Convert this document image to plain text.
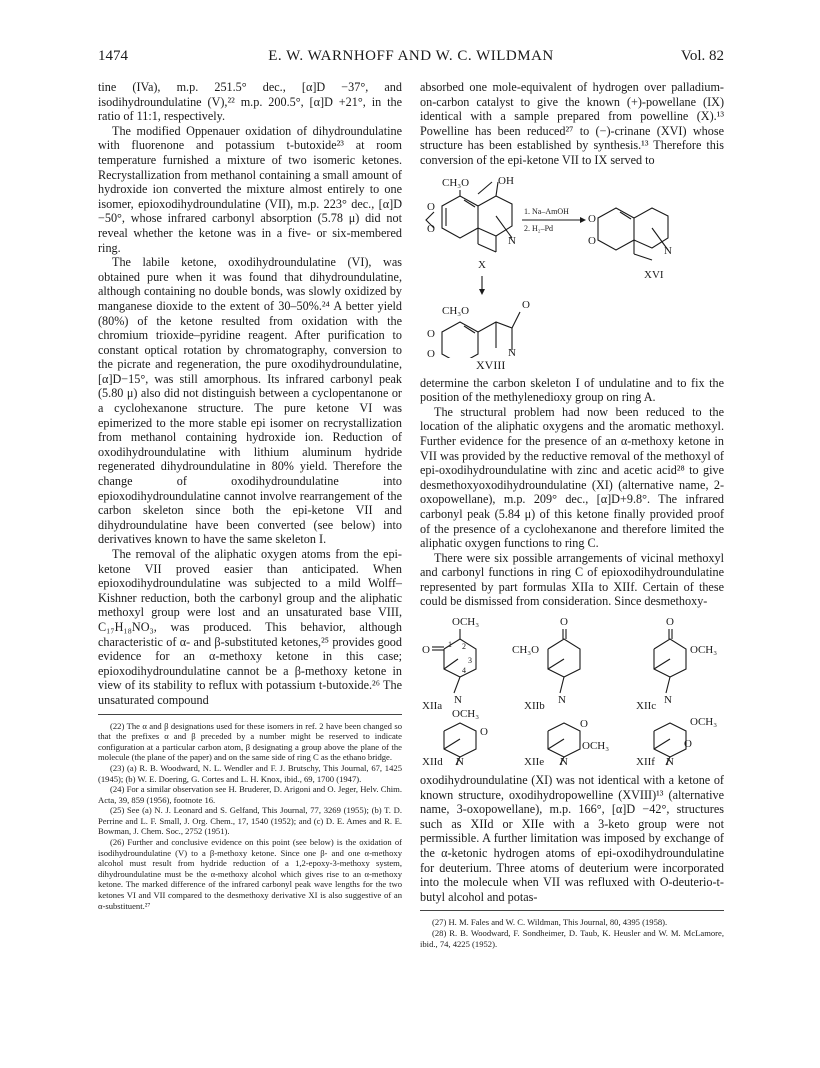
1474	E. W. WARNHOFF AND W. C. WILDMAN	Vol. 82

tine (IVa), m.p. 251.5° dec., [α]D −37°, and isodihydroundulatine (V),²² m.p. 200.5°, [α]D +21°, in the ratio of 11:1, respectively.

The modified Oppenauer oxidation of dihydroundulatine with fluorenone and potassium t-butoxide²³ at room temperature furnished a mixture of two isomeric ketones. Recrystallization from methanol containing a small amount of hydroxide ion converted the mixture almost entirely to one isomer, epioxodihydroundulatine (VII), m.p. 223° dec., [α]D −50°, whose infrared carbonyl absorption (5.78 μ) did not reveal whether the ketone was in a five- or six-membered ring.

The labile ketone, oxodihydroundulatine (VI), was obtained pure when it was found that dihydroundulatine, although containing no double bonds, was slowly oxidized by manganese dioxide to the extent of 30–50%.²⁴ A better yield (80%) of the ketone resulted from oxidation with the chromium trioxide–pyridine reagent. After purification to constant optical rotation by chromatography, conversion to the picrate and regeneration, the pure oxodihydroundulatine, [α]D−15°, was still amorphous. Its infrared carbonyl peak (5.80 μ) also did not distinguish between a cyclopentanone or a cyclohexanone structure. The pure ketone VI was epimerized to the more stable epi isomer on recrystallization from methanol containing hydroxide ion. Reduction of oxodihydroundulatine with lithium aluminum hydride regenerated dihydroundulatine in 80% yield. Therefore the change of oxodihydroundulatine into epioxodihydroundulatine cannot involve rearrangement of the carbon skeleton since both the epi-ketone VII and dihydroundulatine have been converted (see below) into derivatives known to have the same skeleton I.

The removal of the aliphatic oxygen atoms from the epi-ketone VII proved easier than anticipated. When epioxodihydroundulatine was subjected to a mild Wolff–Kishner reduction, both the carbonyl group and the aliphatic methoxyl group were lost and an unsaturated base VIII, C₁₇H₁₈NO₃, was produced. This behavior, although characteristic of α- and β-substituted ketones,²⁵ provides good evidence for an α-methoxy ketone in this case; epioxodihydroundulatine cannot be a β-methoxy ketone in view of its stability to reflux with potassium t-butoxide.²⁶ The unsaturated compound

(22) The α and β designations used for these isomers in ref. 2 have been changed so that the prefixes α and β preceded by a number might be reserved to indicate configuration at a particular carbon atom, β designating a group above the plane of the molecule (the plane of the paper) and on the same side of ring C as the ethano bridge.

(23) (a) R. B. Woodward, N. L. Wendler and F. J. Brutschy, This Journal, 67, 1425 (1945); (b) W. E. Doering, G. Cortes and L. H. Knox, ibid., 69, 1700 (1947).

(24) For a similar observation see H. Bruderer, D. Arigoni and O. Jeger, Helv. Chim. Acta, 39, 859 (1956), footnote 16.

(25) See (a) N. J. Leonard and S. Gelfand, This Journal, 77, 3269 (1955); (b) T. D. Perrine and L. F. Small, J. Org. Chem., 17, 1540 (1952); and (c) D. E. Ames and R. E. Bowman, J. Chem. Soc., 2752 (1951).

(26) Further and conclusive evidence on this point (see below) is the oxidation of isodihydroundulatine (V) to a β-methoxy ketone. Since one β- and one α-methoxy alcohol must result from hydride reduction of a 1,2-epoxy-3-methoxy system, dihydroundulatine must be the α-methoxy alcohol which gives rise to an α-methoxy ketone. The marked difference of the infrared carbonyl peak wave lengths for the two ketones VI and VII compared to the desmethoxy derivative XI is also suggestive of an α-substituent.²⁷

absorbed one mole-equivalent of hydrogen over palladium-on-carbon catalyst to give the known (+)-powellane (IX) identical with a sample prepared from powelline (X).¹³ Powelline has been reduced²⁷ to (−)-crinane (XVI) whose structure has been established by synthesis.¹³ Therefore this conversion of the epi-ketone VII to IX served to

CH₃O	OH
O
O
N
X
1. Na–AmOH
2. H₂–Pd
O
O
N
XVI
CH₃O	O
O
O	N
XVIII

determine the carbon skeleton I of undulatine and to fix the position of the methylenedioxy group on ring A.

The structural problem had now been reduced to the location of the aliphatic oxygens and the aromatic methoxyl. Further evidence for the presence of an α-methoxy ketone in VII was provided by the reductive removal of the methoxyl of epi-oxodihydroundulatine with zinc and acetic acid²⁸ to give desmethoxyoxodihydroundulatine (XI) (alternative name, 2-oxopowellane), m.p. 209° dec., [α]D+9.8°. The infrared carbonyl peak (5.84 μ) of this ketone finally provided proof of the presence of a cyclohexanone and therefore limited the aliphatic oxygen functions to ring C.

There were six possible arrangements of vicinal methoxyl and carbonyl functions in ring C of epioxodihydroundulatine represented by part formulas XIIa to XIIf. Certain of these could be dismissed from consideration. Since desmethoxy-

OCH₃
O 1 2
3
4
N
XIIa
O
CH₃O
N
XIIb
O
OCH₃
N
XIIc
OCH₃
O
N
XIId
O
OCH₃
N
XIIe
OCH₃
O
N
XIIf

oxodihydroundulatine (XI) was not identical with a ketone of known structure, oxodihydropowelline (XVIII)¹³ (alternative name, 3-oxopowellane), m.p. 166°, [α]D −42°, structures such as XIId or XIIe with a 3-keto group were not permissible. A further limitation was imposed by exchange of the α-ketonic hydrogen atoms of epi-oxodihydroundulatine for deuterium. Three atoms of deuterium were incorporated into the molecule when VII was refluxed with O-deuterio-t-butyl alcohol and potas-

(27) H. M. Fales and W. C. Wildman, This Journal, 80, 4395 (1958).

(28) R. B. Woodward, F. Sondheimer, D. Taub, K. Heusler and W. M. McLamore, ibid., 74, 4225 (1952).
